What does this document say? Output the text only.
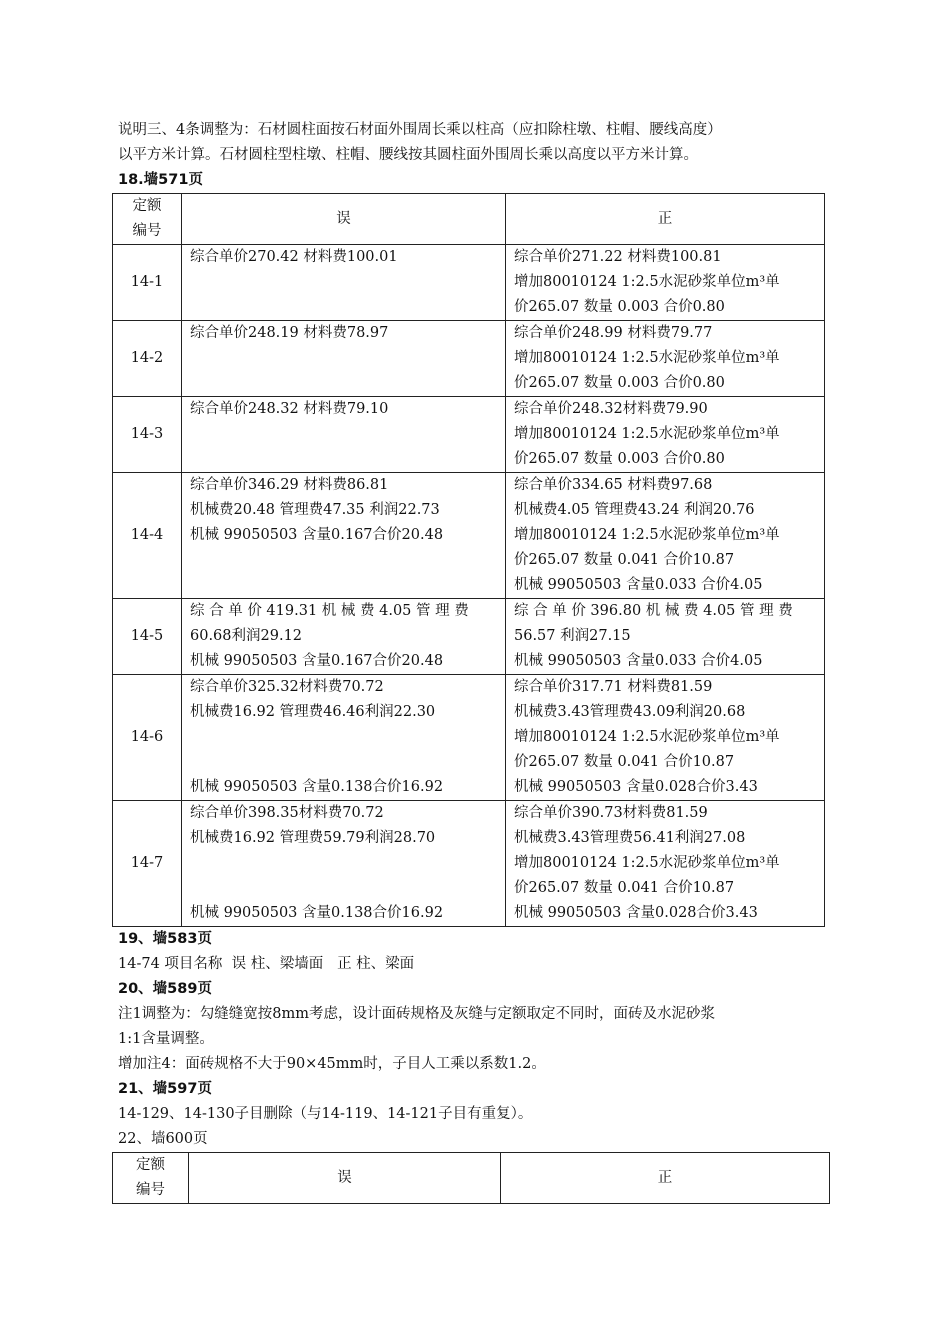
说明三、4条调整为：石材圆柱面按石材面外围周长乘以柱高（应扣除柱墩、柱帽、腰线高度）
以平方米计算。石材圆柱型柱墩、柱帽、腰线按其圆柱面外围周长乘以高度以平方米计算。

18.墙571页

定额
编号	误	正
14-1	综合单价270.42 材料费100.01	综合单价271.22 材料费100.81
增加80010124 1:2.5水泥砂浆单位m³单
价265.07 数量 0.003 合价0.80

14-2	综合单价248.19 材料费78.97	综合单价248.99 材料费79.77
增加80010124 1:2.5水泥砂浆单位m³单
价265.07 数量 0.003 合价0.80

14-3	综合单价248.32 材料费79.10	综合单价248.32材料费79.90
增加80010124 1:2.5水泥砂浆单位m³单
价265.07 数量 0.003 合价0.80

14-4	综合单价346.29 材料费86.81
机械费20.48 管理费47.35 利润22.73
机械 99050503 含量0.167合价20.48	综合单价334.65 材料费97.68
机械费4.05 管理费43.24 利润20.76
增加80010124 1:2.5水泥砂浆单位m³单
价265.07 数量 0.041 合价10.87
机械 99050503 含量0.033 合价4.05

14-5	综 合 单 价 419.31 机 械 费 4.05 管 理 费
60.68利润29.12
机械 99050503 含量0.167合价20.48	综 合 单 价 396.80 机 械 费 4.05 管 理 费
56.57 利润27.15
机械 99050503 含量0.033 合价4.05

14-6	综合单价325.32材料费70.72
机械费16.92 管理费46.46利润22.30

机械 99050503 含量0.138合价16.92	综合单价317.71 材料费81.59
机械费3.43管理费43.09利润20.68
增加80010124 1:2.5水泥砂浆单位m³单
价265.07 数量 0.041 合价10.87
机械 99050503 含量0.028合价3.43

14-7	综合单价398.35材料费70.72
机械费16.92 管理费59.79利润28.70

机械 99050503 含量0.138合价16.92	综合单价390.73材料费81.59
机械费3.43管理费56.41利润27.08
增加80010124 1:2.5水泥砂浆单位m³单
价265.07 数量 0.041 合价10.87
机械 99050503 含量0.028合价3.43

19、墙583页

14-74 项目名称  误 柱、梁墙面   正 柱、梁面

20、墙589页

注1调整为：勾缝缝宽按8mm考虑，设计面砖规格及灰缝与定额取定不同时，面砖及水泥砂浆
1:1含量调整。
增加注4：面砖规格不大于90×45mm时，子目人工乘以系数1.2。

21、墙597页

14-129、14-130子目删除（与14-119、14-121子目有重复）。

22、墙600页

定额
编号
	误	正
